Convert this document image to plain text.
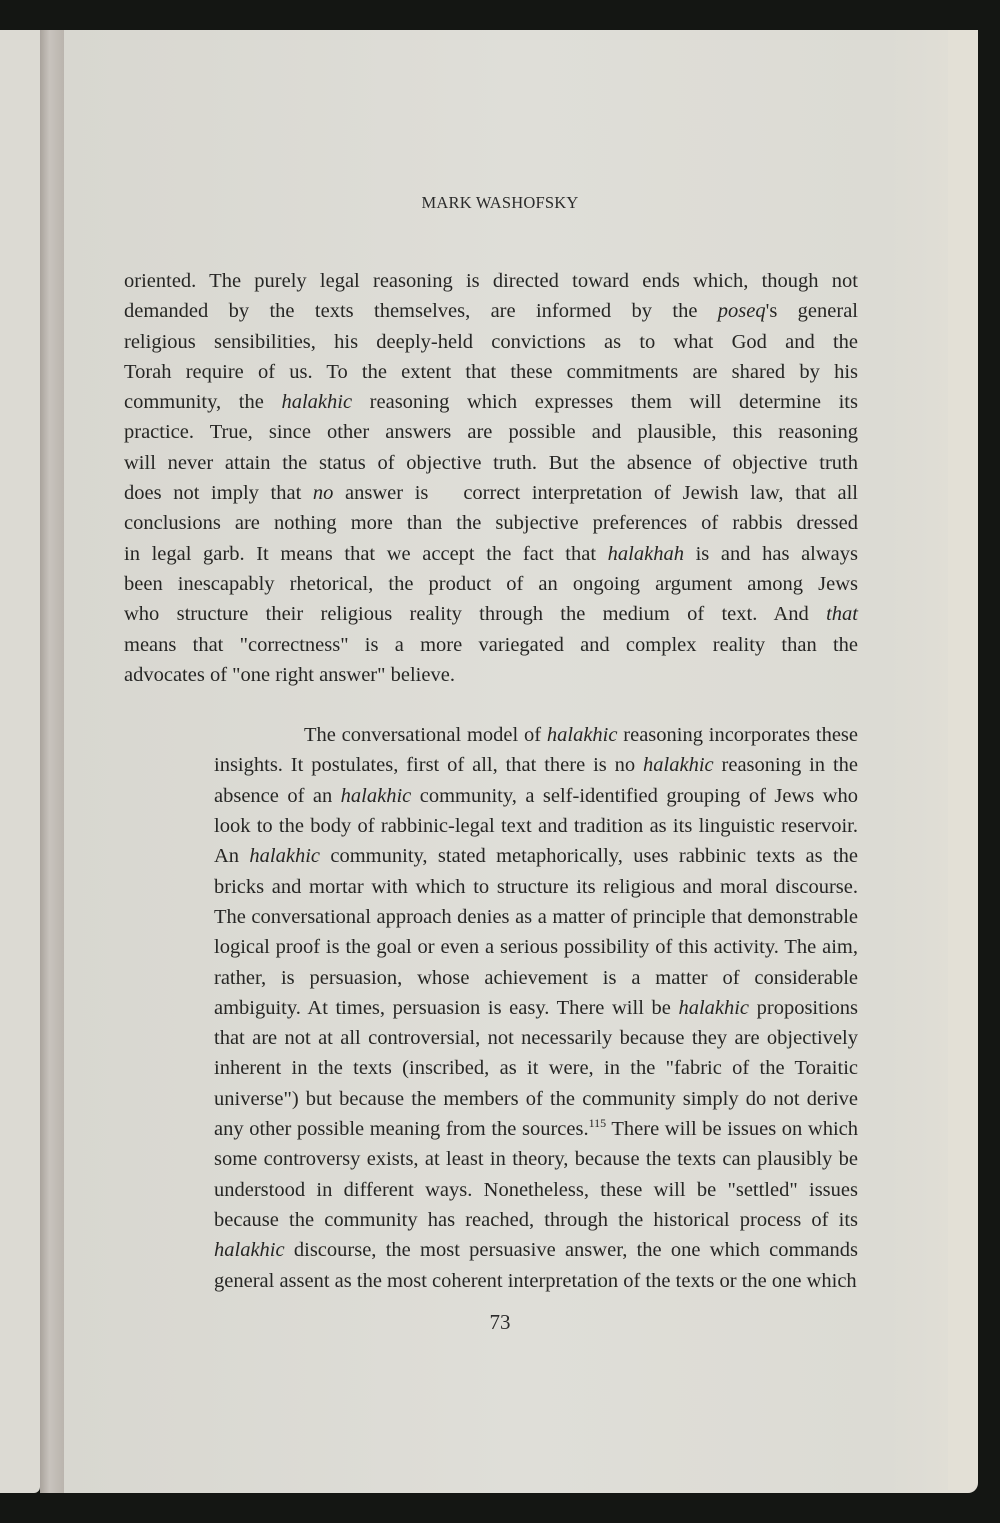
MARK WASHOFSKY

oriented. The purely legal reasoning is directed toward ends which, though not
demanded by the texts themselves, are informed by the poseq's general
religious sensibilities, his deeply-held convictions as to what God and the
Torah require of us. To the extent that these commitments are shared by his
community, the halakhic reasoning which expresses them will determine its
practice. True, since other answers are possible and plausible, this reasoning
will never attain the status of objective truth. But the absence of objective truth
does not imply that no answer is   correct interpretation of Jewish law, that all
conclusions are nothing more than the subjective preferences of rabbis dressed
in legal garb. It means that we accept the fact that halakhah is and has always
been inescapably rhetorical, the product of an ongoing argument among Jews
who structure their religious reality through the medium of text. And that
means that "correctness" is a more variegated and complex reality than the
advocates of "one right answer" believe.

The conversational model of halakhic reasoning incorporates these
insights. It postulates, first of all, that there is no halakhic reasoning in the
absence of an halakhic community, a self-identified grouping of Jews who
look to the body of rabbinic-legal text and tradition as its linguistic reservoir.
An halakhic community, stated metaphorically, uses rabbinic texts as the
bricks and mortar with which to structure its religious and moral discourse.
The conversational approach denies as a matter of principle that demonstrable
logical proof is the goal or even a serious possibility of this activity. The aim,
rather, is persuasion, whose achievement is a matter of considerable
ambiguity. At times, persuasion is easy. There will be halakhic propositions
that are not at all controversial, not necessarily because they are objectively
inherent in the texts (inscribed, as it were, in the "fabric of the Toraitic
universe") but because the members of the community simply do not derive
any other possible meaning from the sources.$^{115}$ There will be issues on which
some controversy exists, at least in theory, because the texts can plausibly be
understood in different ways. Nonetheless, these will be "settled" issues
because the community has reached, through the historical process of its
halakhic discourse, the most persuasive answer, the one which commands
general assent as the most coherent interpretation of the texts or the one which

73
